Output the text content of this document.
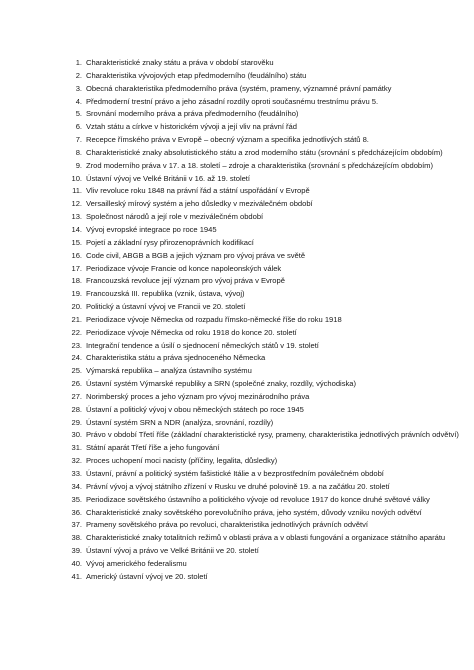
1. Charakteristické znaky státu a práva v období starověku
2. Charakteristika vývojových etap předmoderního (feudálního) státu
3. Obecná charakteristika předmoderního práva (systém, prameny, významné právní památky
4. Předmoderní trestní právo a jeho zásadní rozdíly oproti současnému trestnímu právu 5.
5. Srovnání moderního práva a práva předmoderního (feudálního)
6. Vztah státu a církve v historickém vývoji a její vliv na právní řád
7. Recepce římského práva v Evropě – obecný význam a specifika jednotlivých států 8.
8. Charakteristické znaky absolutistického státu a zrod moderního státu (srovnání s předcházejícím obdobím)
9. Zrod moderního práva v 17. a 18. století – zdroje a charakteristika (srovnání s předcházejícím obdobím)
10. Ústavní vývoj ve Velké Británii v 16. až 19. století
11. Vliv revoluce roku 1848 na právní řád a státní uspořádání v Evropě
12. Versailleský mírový systém a jeho důsledky v meziválečném období
13. Společnost národů a její role v meziválečném období
14. Vývoj evropské integrace po roce 1945
15. Pojetí a základní rysy přirozenoprávních kodifikací
16. Code civil, ABGB a BGB a jejich význam pro vývoj práva ve světě
17. Periodizace vývoje Francie od konce napoleonských válek
18. Francouzská revoluce její význam pro vývoj práva v Evropě
19. Francouzská III. republika (vznik, ústava, vývoj)
20. Politický a ústavní vývoj ve Francii ve 20. století
21. Periodizace vývoje Německa od rozpadu římsko-německé říše do roku 1918
22. Periodizace vývoje Německa od roku 1918 do konce 20. století
23. Integrační tendence a úsilí o sjednocení německých států v 19. století
24. Charakteristika státu a práva sjednoceného Německa
25. Výmarská republika – analýza ústavního systému
26. Ústavní systém Výmarské republiky a SRN (společné znaky, rozdíly, východiska)
27. Norimberský proces a jeho význam pro vývoj mezinárodního práva
28. Ústavní a politický vývoj v obou německých státech po roce 1945
29. Ústavní systém SRN a NDR (analýza, srovnání, rozdíly)
30. Právo v období Třetí říše (základní charakteristické rysy, prameny, charakteristika jednotlivých právních odvětví)
31. Státní aparát Třetí říše a jeho fungování
32. Proces uchopení moci nacisty (příčiny, legalita, důsledky)
33. Ústavní, právní a politický systém fašistické Itálie a v bezprostředním poválečném období
34. Právní vývoj a vývoj státního zřízení v Rusku ve druhé polovině 19. a na začátku 20. století
35. Periodizace sovětského ústavního a politického vývoje od revoluce 1917 do konce druhé světové války
36. Charakteristické znaky sovětského porevolučního práva, jeho systém, důvody vzniku nových odvětví
37. Prameny sovětského práva po revoluci, charakteristika jednotlivých právních odvětví
38. Charakteristické znaky totalitních režimů v oblasti práva a v oblasti fungování a organizace státního aparátu
39. Ústavní vývoj a právo ve Velké Británii ve 20. století
40. Vývoj amerického federalismu
41. Americký ústavní vývoj ve 20. století
